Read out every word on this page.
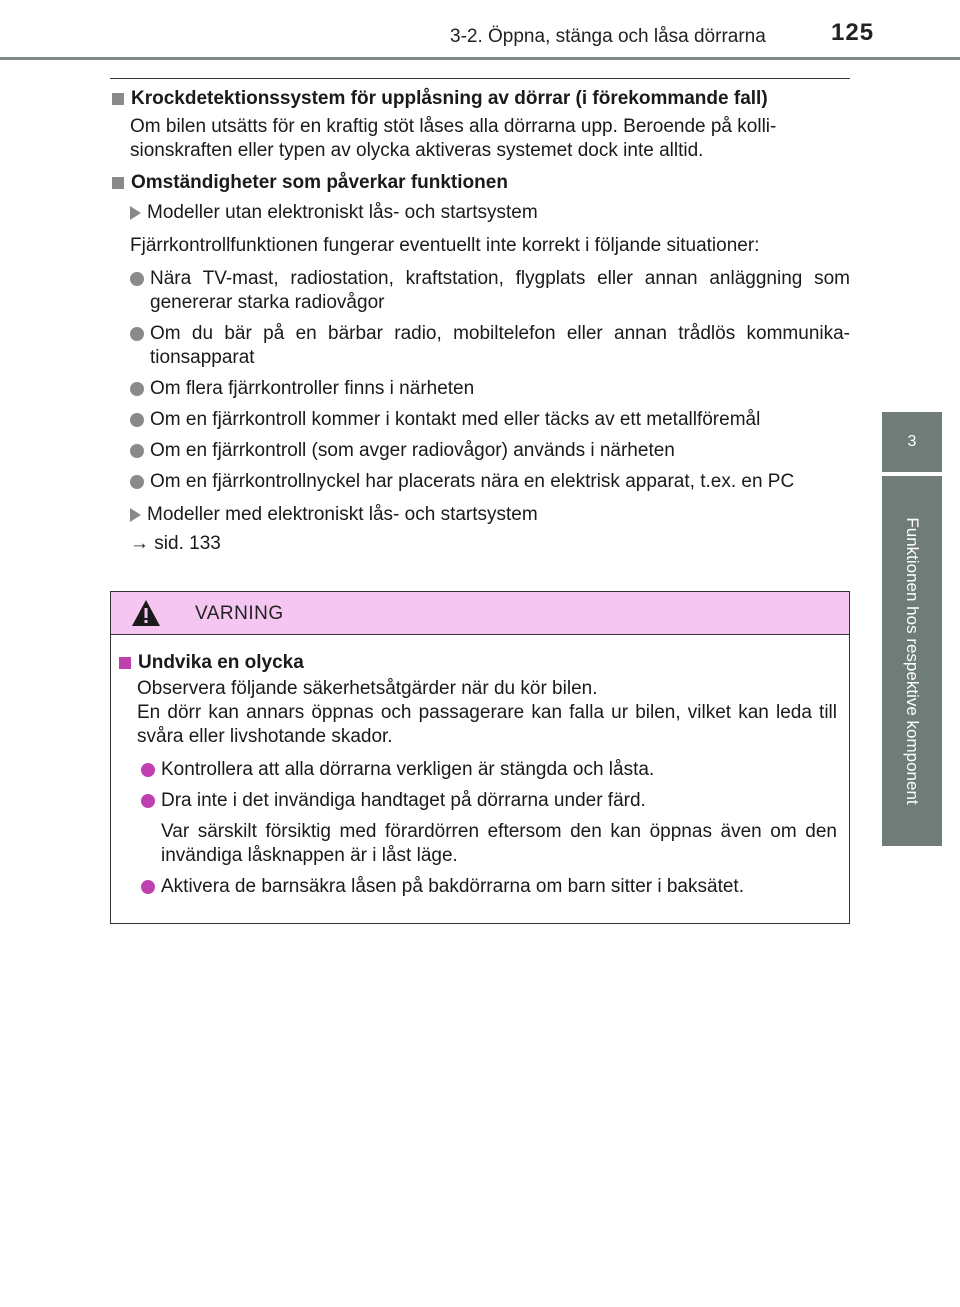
3-2. Öppna, stänga och låsa dörrarna	125
3
Funktionen hos respektive komponent
Krockdetektionssystem för upplåsning av dörrar (i förekommande fall)
Om bilen utsätts för en kraftig stöt låses alla dörrarna upp. Beroende på kolli-
sionskraften eller typen av olycka aktiveras systemet dock inte alltid.
Omständigheter som påverkar funktionen
Modeller utan elektroniskt lås- och startsystem
Fjärrkontrollfunktionen fungerar eventuellt inte korrekt i följande situationer:
Nära TV-mast, radiostation, kraftstation, flygplats eller annan anläggning som genererar starka radiovågor
Om du bär på en bärbar radio, mobiltelefon eller annan trådlös kommunika-tionsapparat
Om flera fjärrkontroller finns i närheten
Om en fjärrkontroll kommer i kontakt med eller täcks av ett metallföremål
Om en fjärrkontroll (som avger radiovågor) används i närheten
Om en fjärrkontrollnyckel har placerats nära en elektrisk apparat, t.ex. en PC
Modeller med elektroniskt lås- och startsystem
→ sid. 133
VARNING
Undvika en olycka
Observera följande säkerhetsåtgärder när du kör bilen.
En dörr kan annars öppnas och passagerare kan falla ur bilen, vilket kan leda till svåra eller livshotande skador.
Kontrollera att alla dörrarna verkligen är stängda och låsta.
Dra inte i det invändiga handtaget på dörrarna under färd.
Var särskilt försiktig med förardörren eftersom den kan öppnas även om den invändiga låsknappen är i låst läge.
Aktivera de barnsäkra låsen på bakdörrarna om barn sitter i baksätet.
